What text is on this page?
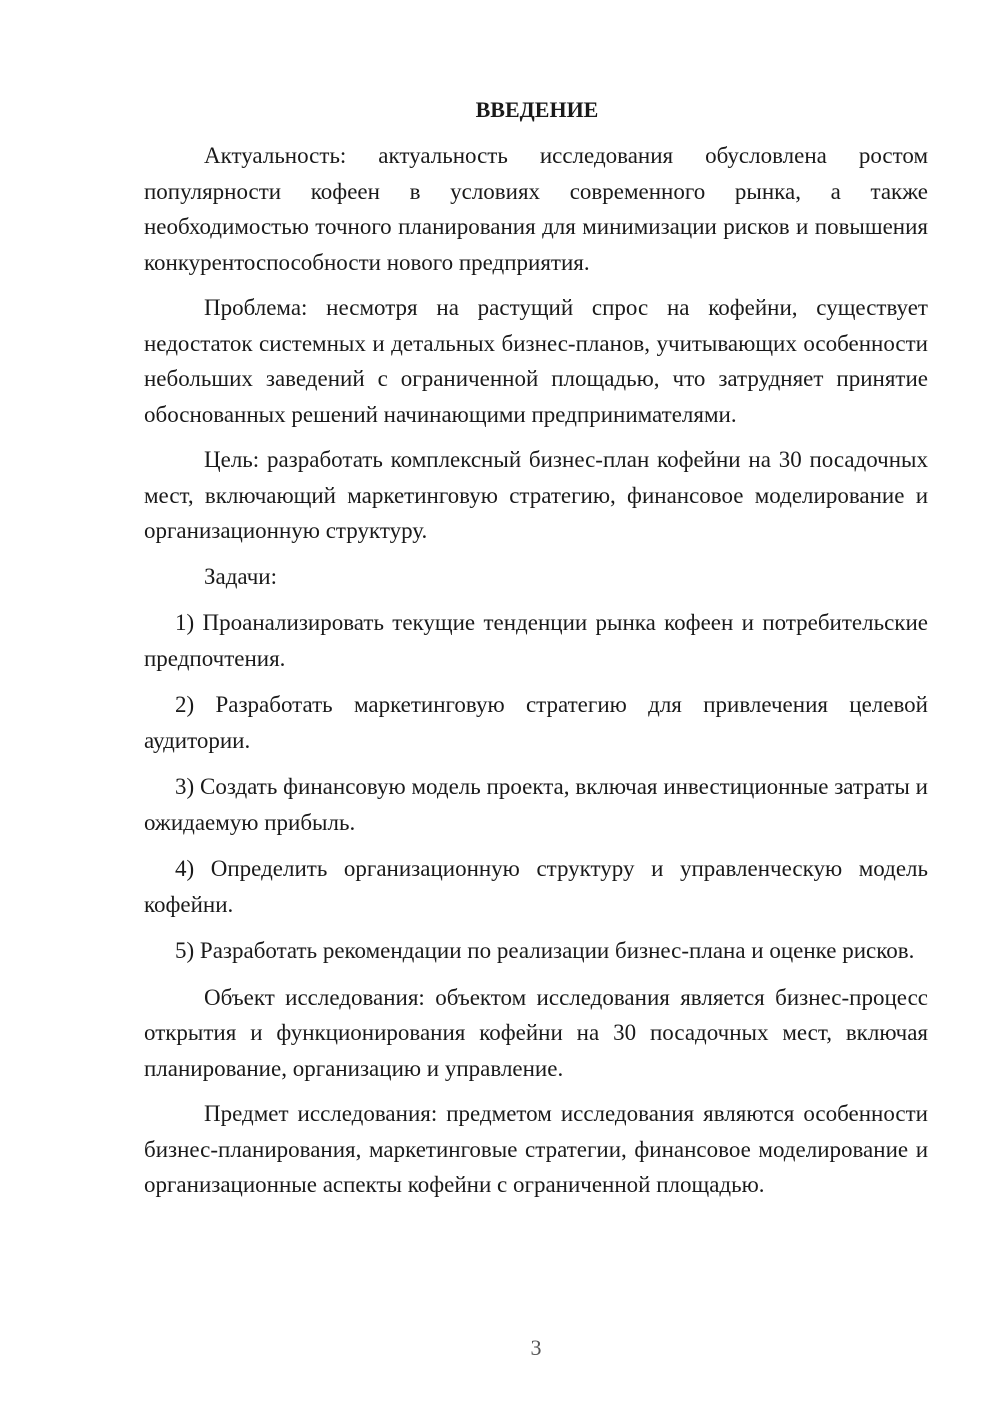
ВВЕДЕНИЕ

Актуальность: актуальность исследования обусловлена ростом популярности кофеен в условиях современного рынка, а также необходимостью точного планирования для минимизации рисков и повышения конкурентоспособности нового предприятия.

Проблема: несмотря на растущий спрос на кофейни, существует недостаток системных и детальных бизнес-планов, учитывающих особенности небольших заведений с ограниченной площадью, что затрудняет принятие обоснованных решений начинающими предпринимателями.

Цель: разработать комплексный бизнес-план кофейни на 30 посадочных мест, включающий маркетинговую стратегию, финансовое моделирование и организационную структуру.

Задачи:

1) Проанализировать текущие тенденции рынка кофеен и потребительские предпочтения.

2) Разработать маркетинговую стратегию для привлечения целевой аудитории.

3) Создать финансовую модель проекта, включая инвестиционные затраты и ожидаемую прибыль.

4) Определить организационную структуру и управленческую модель кофейни.

5) Разработать рекомендации по реализации бизнес-плана и оценке рисков.

Объект исследования: объектом исследования является бизнес-процесс открытия и функционирования кофейни на 30 посадочных мест, включая планирование, организацию и управление.

Предмет исследования: предметом исследования являются особенности бизнес-планирования, маркетинговые стратегии, финансовое моделирование и организационные аспекты кофейни с ограниченной площадью.

3
